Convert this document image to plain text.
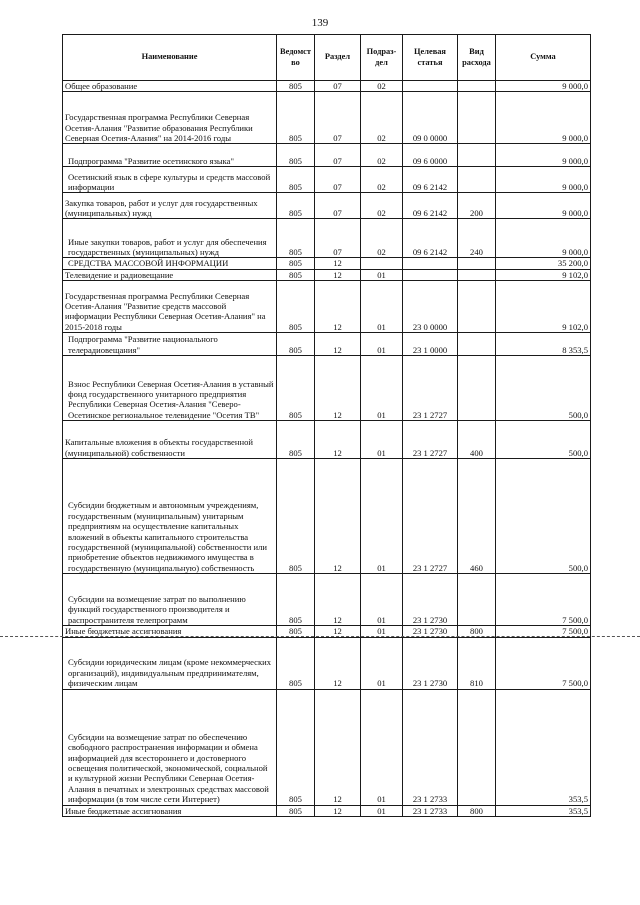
139
Наименование	Ведомст во	Раздел	Подраз- дел	Целевая статья	Вид расхода	Сумма

Общее образование	805	07	02			9 000,0

Государственная программа Республики Северная Осетия-Алания "Развитие образования Республики Северная Осетия-Алания" на 2014-2016 годы	805	07	02	09 0 0000		9 000,0

Подпрограмма "Развитие осетинского языка"	805	07	02	09 6 0000		9 000,0

Осетинский язык в сфере культуры и средств массовой информации	805	07	02	09 6 2142		9 000,0

Закупка товаров, работ и услуг для государственных (муниципальных) нужд	805	07	02	09 6 2142	200	9 000,0

Иные закупки товаров, работ и услуг для обеспечения государственных (муниципальных) нужд	805	07	02	09 6 2142	240	9 000,0

СРЕДСТВА МАССОВОЙ ИНФОРМАЦИИ	805	12				35 200,0

Телевидение и радиовещание	805	12	01			9 102,0

Государственная программа Республики Северная Осетия-Алания "Развитие средств массовой информации Республики Северная Осетия-Алания" на 2015-2018 годы	805	12	01	23 0 0000		9 102,0

Подпрограмма "Развитие национального телерадиовещания"	805	12	01	23 1 0000		8 353,5

Взнос Республики Северная Осетия-Алания в уставный фонд государственного унитарного предприятия Республики Северная Осетия-Алания "Северо-Осетинское региональное телевидение "Осетия ТВ"	805	12	01	23 1 2727		500,0

Капитальные вложения в объекты государственной (муниципальной) собственности	805	12	01	23 1 2727	400	500,0

Субсидии бюджетным и автономным учреждениям, государственным (муниципальным) унитарным предприятиям на осуществление капитальных вложений в объекты капитального строительства государственной (муниципальной) собственности или приобретение объектов недвижимого имущества в государственную (муниципальную) собственность	805	12	01	23 1 2727	460	500,0

Субсидии на возмещение затрат по выполнению функций государственного производителя и распространителя телепрограмм	805	12	01	23 1 2730		7 500,0

Иные бюджетные ассигнования	805	12	01	23 1 2730	800	7 500,0

Субсидии юридическим лицам (кроме некоммерческих организаций), индивидуальным предпринимателям, физическим лицам	805	12	01	23 1 2730	810	7 500,0

Субсидии на возмещение затрат по обеспечению свободного распространения информации и обмена информацией для всестороннего и достоверного освещения политической, экономической, социальной и культурной жизни Республики Северная Осетия-Алания в печатных и электронных средствах массовой информации (в том числе сети Интернет)	805	12	01	23 1 2733		353,5

Иные бюджетные ассигнования	805	12	01	23 1 2733	800	353,5
